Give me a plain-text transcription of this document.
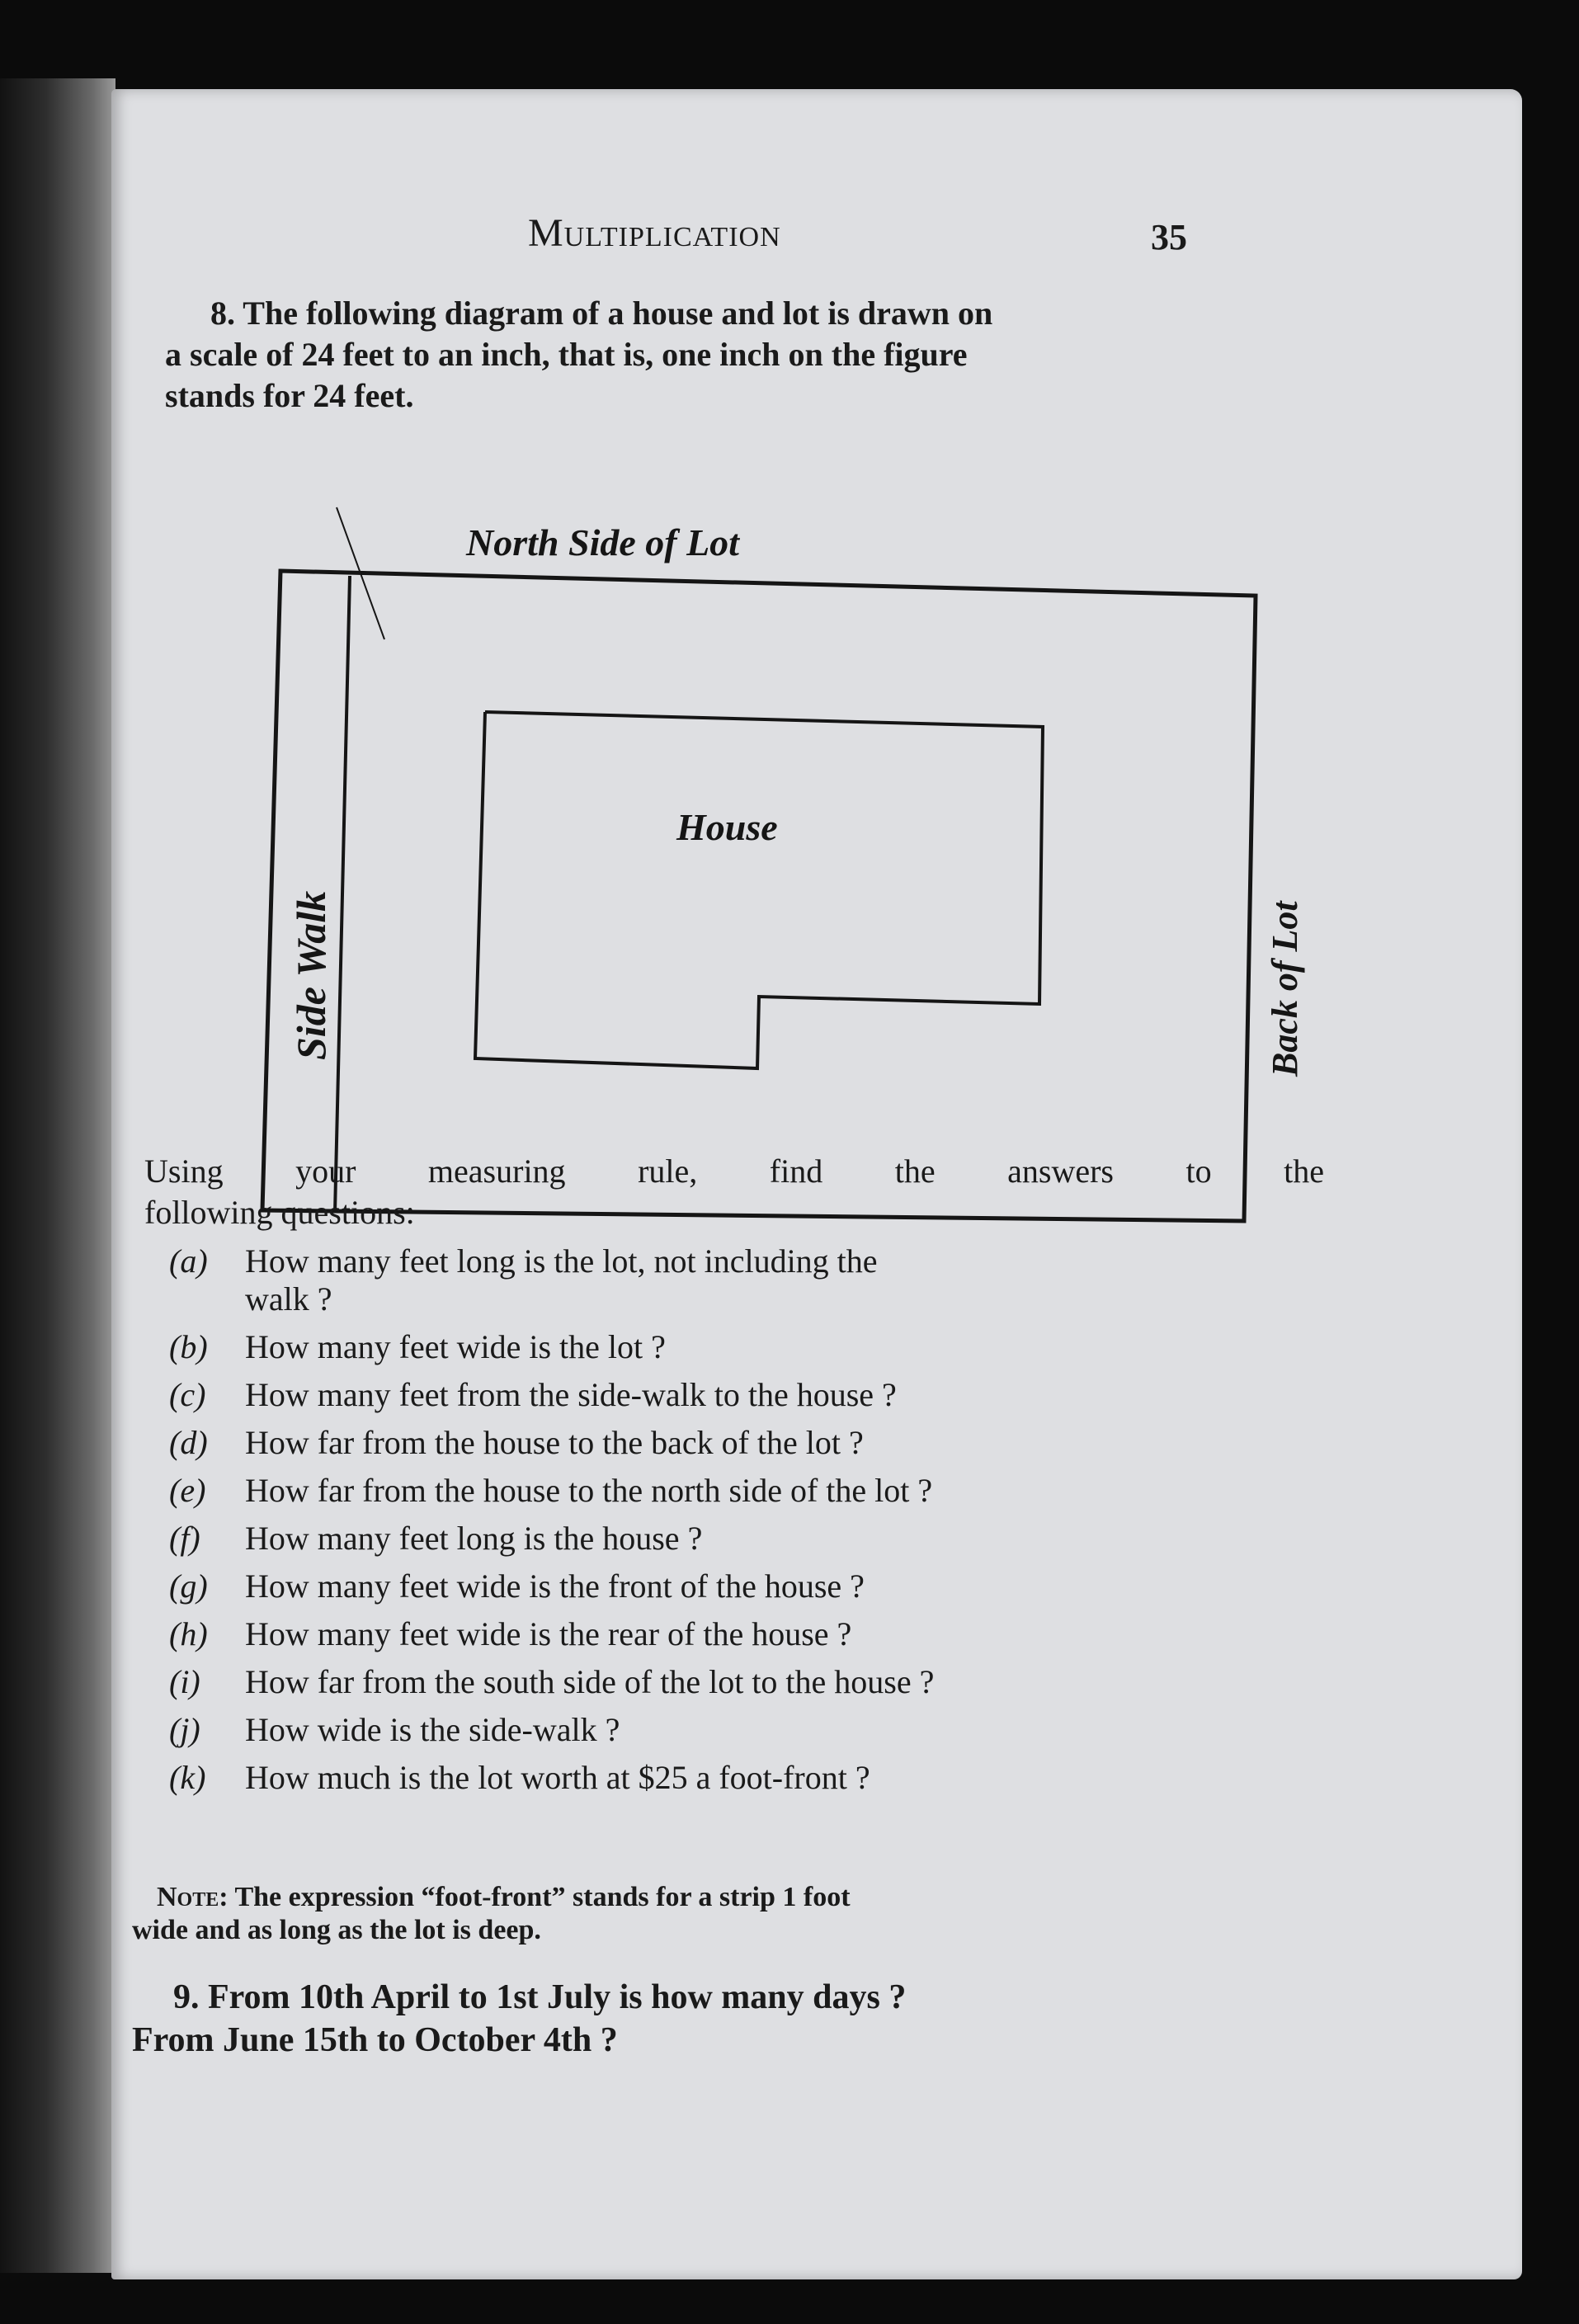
Multiplication	35
8. The following diagram of a house and lot is drawn on
a scale of 24 feet to an inch, that is, one inch on the figure
stands for 24 feet.
North Side of Lot
House
Side Walk	Back of Lot
Using your measuring rule, find the answers to the
following questions:
(a)	How many feet long is the lot, not including the
walk ?
(b)	How many feet wide is the lot ?
(c)	How many feet from the side-walk to the house ?
(d)	How far from the house to the back of the lot ?
(e)	How far from the house to the north side of the lot ?
(f)	How many feet long is the house ?
(g)	How many feet wide is the front of the house ?
(h)	How many feet wide is the rear of the house ?
(i)	How far from the south side of the lot to the house ?
(j)	How wide is the side-walk ?
(k)	How much is the lot worth at $25 a foot-front ?
Note: The expression “foot-front” stands for a strip 1 foot
wide and as long as the lot is deep.
9. From 10th April to 1st July is how many days ?
From June 15th to October 4th ?
